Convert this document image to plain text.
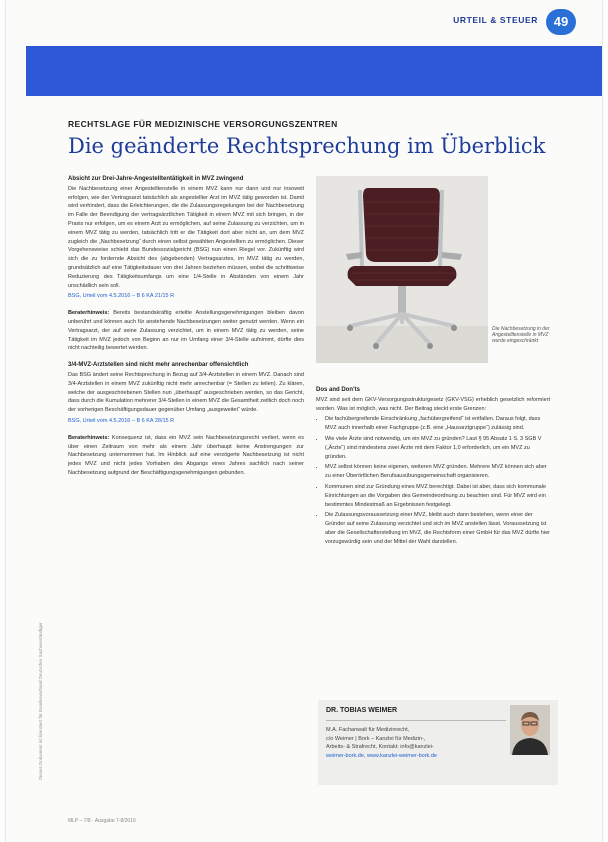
URTEIL & STEUER	49
RECHTSLAGE FÜR MEDIZINISCHE VERSORGUNGSZENTREN
Die geänderte Rechtsprechung im Überblick
Absicht zur Drei-Jahre-Angestelltentätigkeit in MVZ zwingend
Die Nachbesetzung einer Angestelltenstelle in einem MVZ kann nur dann und nur insoweit erfolgen, wie der Vertragsarzt tatsächlich als angestellter Arzt im MVZ tätig geworden ist. Damit wird verhindert, dass die Erleichterungen, die die Zulassungsregelungen bei der Nachbesetzung im Falle der Beendigung der vertragsärztlichen Tätigkeit in einem MVZ mit sich bringen, in der Praxis nur erfolgen, um es einem Arzt zu ermöglichen, auf seine Zulassung zu verzichten, um in einem MVZ tätig zu werden, tatsächlich tritt er die Tätigkeit dort aber nicht an, um dem MVZ zugleich die „Nachbesetzung“ durch einen selbst gewählten Angestellten zu ermöglichen. Dieser Vorgehensweise schiebt das Bundessozialgericht (BSG) nun einen Riegel vor. Zukünftig wird sich die zu fordernde Absicht des (abgebenden) Vertragsarztes, im MVZ tätig zu werden, grundsätzlich auf eine Tätigkeitsdauer von drei Jahren beziehen müssen, wobei die schrittweise Reduzierung des Tätigkeitsumfangs um eine 1/4-Stelle in Abständen von einem Jahr unschädlich sein soll.
BSG, Urteil vom 4.5.2016 – B 6 KA 21/15 R
Beraterhinweis: Bereits bestandskräftig erteilte Anstellungsgenehmigungen bleiben davon unberührt und können auch für anstehende Nachbesetzungen weiter genutzt werden. Wenn ein Vertragsarzt, der auf seine Zulassung verzichtet, um in einem MVZ tätig zu werden, seine Tätigkeit im MVZ jedoch von Beginn an nur im Umfang einer 3/4-Stelle aufnimmt, dürfte dies nicht nachteilig bewertet werden.
3/4-MVZ-Arztstellen sind nicht mehr anrechenbar offensichtlich
Das BSG ändert seine Rechtsprechung in Bezug auf 3/4-Arztstellen in einem MVZ. Danach sind 3/4-Arztstellen in einem MVZ zukünftig nicht mehr anrechenbar (= Stellen zu teilen). Zu klären, welche der ausgeschriebenen Stellen nun „überhaupt“ ausgeschrieben werden, so das Gericht, dass durch die Kumulation mehrerer 3/4-Stellen in einem MVZ die Gesamtheit zeitlich doch noch der vorherigen Beschäftigungsdauer gegenüber Umfang „ausgeweitet“ würde.
BSG, Urteil vom 4.5.2016 – B 6 KA 28/15 R
Beraterhinweis: Konsequenz ist, dass ein MVZ sein Nachbesetzungsrecht verliert, wenn es über einen Zeitraum von mehr als einem Jahr überhaupt keine Anstrengungen zur Nachbesetzung unternommen hat. Im Hinblick auf eine verzögerte Nachbesetzung ist nicht jedes MVZ und nicht jedes Vorhaben des Abgangs eines Jahres sachlich nach seiner Nachbesetzung aufgrund der Beschäftigungsgenehmigungen gebunden.
Die Nachbesetzung in der Angestelltenstelle in MVZ wurde eingeschränkt
Dos and Don’ts
MVZ sind seit dem GKV-Versorgungsstrukturgesetz (GKV-VSG) erheblich gesetzlich reformiert worden. Was ist möglich, was nicht. Der Beitrag steckt erste Grenzen:
• Die fachübergreifende Einschränkung „fachübergreifend“ ist entfallen. Daraus folgt, dass MVZ auch innerhalb einer Fachgruppe (z.B. eine „Hausarztgruppe“) zulässig sind.
• Wie viele Ärzte sind notwendig, um ein MVZ zu gründen? Laut § 95 Absatz 1 S. 3 SGB V („Ärzte“) sind mindestens zwei Ärzte mit dem Faktor 1,0 erforderlich, um ein MVZ zu gründen.
• MVZ selbst können keine eigenen, weiteren MVZ gründen. Mehrere MVZ können sich aber zu einer Überörtlichen Berufsausübungsgemeinschaft organisieren.
• Kommunen sind zur Gründung eines MVZ berechtigt. Dabei ist aber, dass sich kommunale Einrichtungen an die Vorgaben des Gemeindeordnung zu beachten sind. Für MVZ wird ein bestimmtes Mindestmaß an Ergebnissen festgelegt.
• Die Zulassungsvoraussetzung einer MVZ, bleibt auch dann bestehen, wenn einer der Gründer auf seine Zulassung verzichtet und sich im MVZ anstellen lässt. Voraussetzung ist aber die Gesellschafterstellung im MVZ, die Rechtsform einer GmbH für das MVZ dürfte hier vorzugswürdig sein und der Mittel der Wahl darstellen.
DR. TOBIAS WEIMER
M.A. Fachanwalt für Medizinrecht,
c/o Weimer | Bork – Kanzlei für Medizin-,
Arbeits- & Strafrecht, Kontakt: info@kanzlei-
weimer-bork.de, www.kanzlei-weimer-bork.de
MLP – 7/8 · Ausgabe 7-8/2016
Dieses Dokument ist lizenziert für Bundesverband Deutscher Sachverständiger
